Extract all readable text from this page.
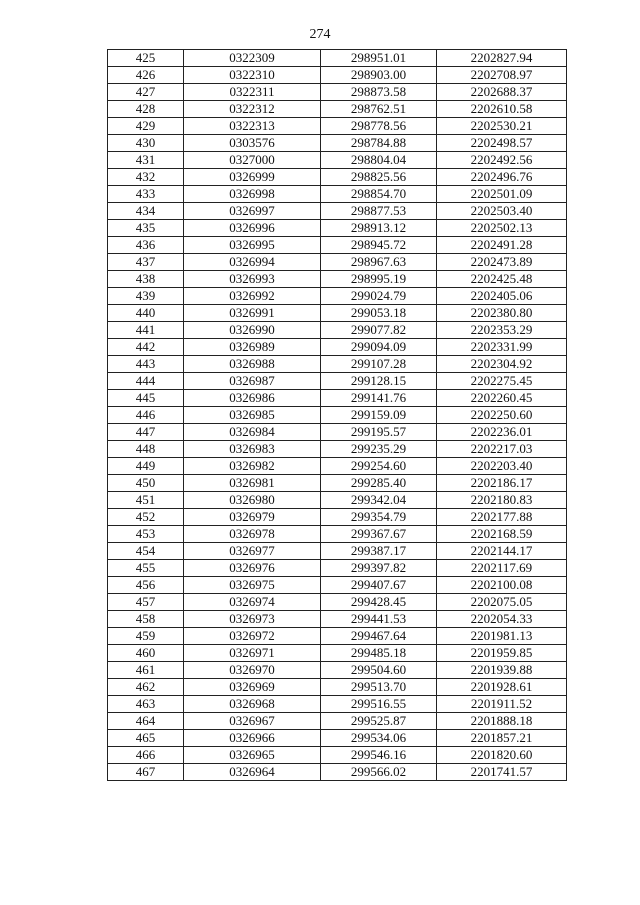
274
425	0322309	298951.01	2202827.94
426	0322310	298903.00	2202708.97
427	0322311	298873.58	2202688.37
428	0322312	298762.51	2202610.58
429	0322313	298778.56	2202530.21
430	0303576	298784.88	2202498.57
431	0327000	298804.04	2202492.56
432	0326999	298825.56	2202496.76
433	0326998	298854.70	2202501.09
434	0326997	298877.53	2202503.40
435	0326996	298913.12	2202502.13
436	0326995	298945.72	2202491.28
437	0326994	298967.63	2202473.89
438	0326993	298995.19	2202425.48
439	0326992	299024.79	2202405.06
440	0326991	299053.18	2202380.80
441	0326990	299077.82	2202353.29
442	0326989	299094.09	2202331.99
443	0326988	299107.28	2202304.92
444	0326987	299128.15	2202275.45
445	0326986	299141.76	2202260.45
446	0326985	299159.09	2202250.60
447	0326984	299195.57	2202236.01
448	0326983	299235.29	2202217.03
449	0326982	299254.60	2202203.40
450	0326981	299285.40	2202186.17
451	0326980	299342.04	2202180.83
452	0326979	299354.79	2202177.88
453	0326978	299367.67	2202168.59
454	0326977	299387.17	2202144.17
455	0326976	299397.82	2202117.69
456	0326975	299407.67	2202100.08
457	0326974	299428.45	2202075.05
458	0326973	299441.53	2202054.33
459	0326972	299467.64	2201981.13
460	0326971	299485.18	2201959.85
461	0326970	299504.60	2201939.88
462	0326969	299513.70	2201928.61
463	0326968	299516.55	2201911.52
464	0326967	299525.87	2201888.18
465	0326966	299534.06	2201857.21
466	0326965	299546.16	2201820.60
467	0326964	299566.02	2201741.57
